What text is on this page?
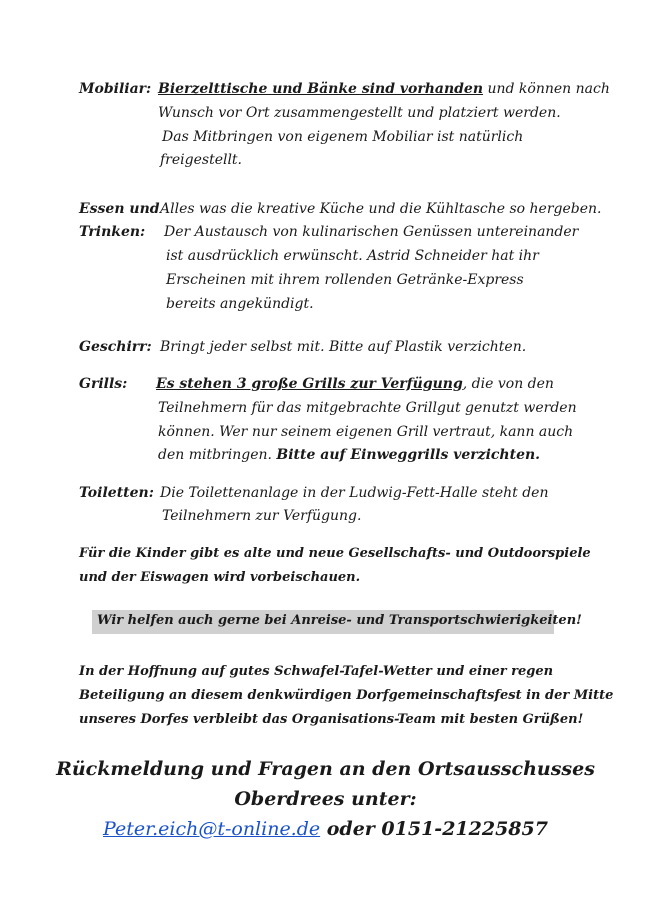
Mobiliar: Bierzelttische und Bänke sind vorhanden und können nach
Wunsch vor Ort zusammengestellt und platziert werden.
Das Mitbringen von eigenem Mobiliar ist natürlich
freigestellt.
Essen und
Trinken:
Alles was die kreative Küche und die Kühltasche so hergeben.
Der Austausch von kulinarischen Genüssen untereinander
ist ausdrücklich erwünscht. Astrid Schneider hat ihr
Erscheinen mit ihrem rollenden Getränke-Express
bereits angekündigt.
Geschirr: Bringt jeder selbst mit. Bitte auf Plastik verzichten.
Grills: Es stehen 3 große Grills zur Verfügung, die von den
Teilnehmern für das mitgebrachte Grillgut genutzt werden
können. Wer nur seinem eigenen Grill vertraut, kann auch
den mitbringen. Bitte auf Einweggrills verzichten.
Toiletten: Die Toilettenanlage in der Ludwig-Fett-Halle steht den
Teilnehmern zur Verfügung.
Für die Kinder gibt es alte und neue Gesellschafts- und Outdoorspiele
und der Eiswagen wird vorbeischauen.
Wir helfen auch gerne bei Anreise- und Transportschwierigkeiten!
In der Hoffnung auf gutes Schwafel-Tafel-Wetter und einer regen
Beteiligung an diesem denkwürdigen Dorfgemeinschaftsfest in der Mitte
unseres Dorfes verbleibt das Organisations-Team mit besten Grüßen!
Rückmeldung und Fragen an den Ortsausschusses
Oberdrees unter:
Peter.eich@t-online.de oder 0151-21225857
